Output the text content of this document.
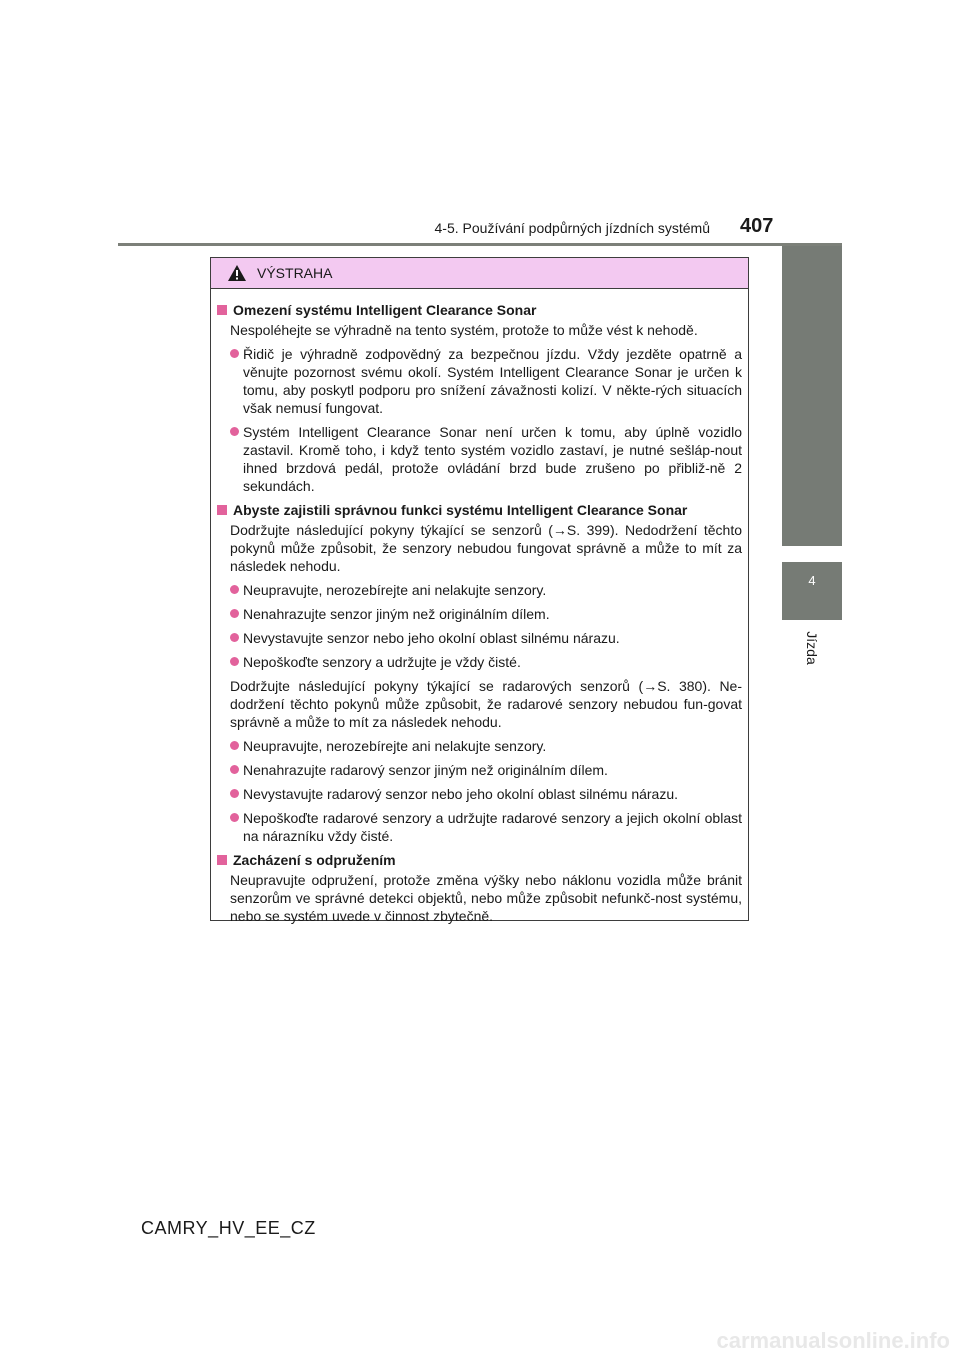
4-5. Používání podpůrných jízdních systémů 407
4
Jízda
VÝSTRAHA
Omezení systému Intelligent Clearance Sonar
Nespoléhejte se výhradně na tento systém, protože to může vést k nehodě.
Řidič je výhradně zodpovědný za bezpečnou jízdu. Vždy jezděte opatrně a věnujte pozornost svému okolí. Systém Intelligent Clearance Sonar je určen k tomu, aby poskytl podporu pro snížení závažnosti kolizí. V někte-rých situacích však nemusí fungovat.
Systém Intelligent Clearance Sonar není určen k tomu, aby úplně vozidlo zastavil. Kromě toho, i když tento systém vozidlo zastaví, je nutné sešláp-nout ihned brzdová pedál, protože ovládání brzd bude zrušeno po přibliž-ně 2 sekundách.
Abyste zajistili správnou funkci systému Intelligent Clearance Sonar
Dodržujte následující pokyny týkající se senzorů (→S. 399). Nedodržení těchto pokynů může způsobit, že senzory nebudou fungovat správně a může to mít za následek nehodu.
Neupravujte, nerozebírejte ani nelakujte senzory.
Nenahrazujte senzor jiným než originálním dílem.
Nevystavujte senzor nebo jeho okolní oblast silnému nárazu.
Nepoškoďte senzory a udržujte je vždy čisté.
Dodržujte následující pokyny týkající se radarových senzorů (→S. 380). Ne-dodržení těchto pokynů může způsobit, že radarové senzory nebudou fun-govat správně a může to mít za následek nehodu.
Neupravujte, nerozebírejte ani nelakujte senzory.
Nenahrazujte radarový senzor jiným než originálním dílem.
Nevystavujte radarový senzor nebo jeho okolní oblast silnému nárazu.
Nepoškoďte radarové senzory a udržujte radarové senzory a jejich okolní oblast na nárazníku vždy čisté.
Zacházení s odpružením
Neupravujte odpružení, protože změna výšky nebo náklonu vozidla může bránit senzorům ve správné detekci objektů, nebo může způsobit nefunkč-nost systému, nebo se systém uvede v činnost zbytečně.
CAMRY_HV_EE_CZ
carmanualsonline.info
